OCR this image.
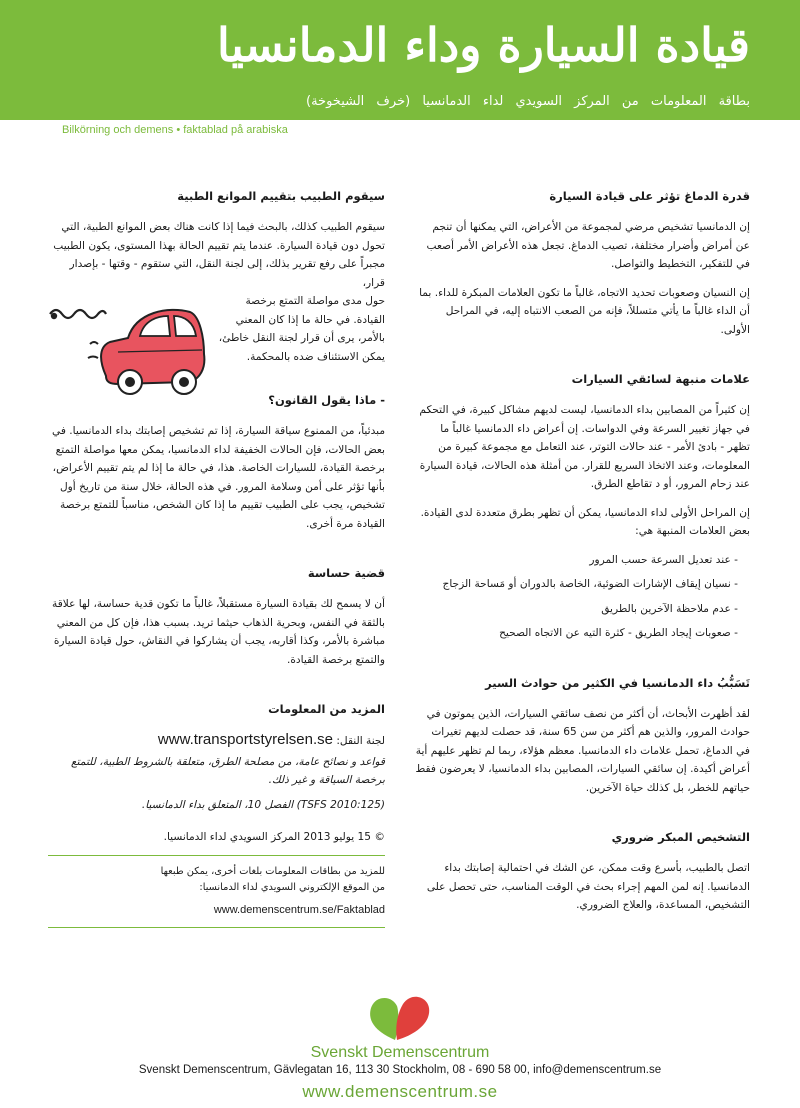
قيادة السيارة وداء الدمانسيا
بطاقة المعلومات من المركز السويدي لداء الدمانسيا (خرف الشيخوخة)
Bilkörning och demens • faktablad på arabiska
قدرة الدماغ تؤثر على قيادة السيارة

إن الدمانسيا تشخيص مرضي لمجموعة من الأعراض، التي يمكنها أن تنجم عن أمراض وأضرار مختلفة، تصيب الدماغ. تجعل هذه الأعراض الأمر أصعب في للتفكير، التخطيط والتواصل.

إن النسيان وصعوبات تحديد الاتجاه، غالباً ما تكون العلامات المبكرة للداء. بما أن الداء غالباً ما يأتي متسللاً، فإنه من الصعب الانتباه إليه، في المراحل الأولى.

علامات منبهة لسائقي السيارات

إن كثيراً من المصابين بداء الدمانسيا، ليست لديهم مشاكل كبيرة، في التحكم في جهاز تغيير السرعة وفي الدواسات. إن أعراض داء الدمانسيا غالباً ما تظهر - بادئ الأمر - عند حالات التوتر، عند التعامل مع مجموعة كبيرة من المعلومات، وعند الاتخاذ السريع للقرار. من أمثلة هذه الحالات، قيادة السيارة عند زحام المرور، أو د تقاطع الطرق.

إن المراحل الأولى لداء الدمانسيا، يمكن أن تظهر بطرق متعددة لدى القيادة. بعض العلامات المنبهة هي:

- عند تعديل السرعة حسب المرور
- نسيان إيقاف الإشارات الضوئية، الخاصة بالدوران أو مَساحة الزجاج
- عدم ملاحظة الآخرين بالطريق
- صعوبات إيجاد الطريق - كثرة التيه عن الاتجاه الصحيح
تَسَبُّبُ داء الدمانسيا في الكثير من حوادث السير

لقد أظهرت الأبحاث، أن أكثر من نصف سائقي السيارات، الذين يموتون في حوادث المرور، والذين هم أكثر من سن 65 سنة، قد حصلت لديهم تغيرات في الدماغ، تحمل علامات داء الدمانسيا. معظم هؤلاء، ربما لم تظهر عليهم أية أعراض أكيدة. إن سائقي السيارات، المصابين بداء الدمانسيا، لا يعرضون فقط حياتهم للخطر، بل كذلك حياة الآخرين.

التشخيص المبكر ضروري

اتصل بالطبيب، بأسرع وقت ممكن، عن الشك في احتمالية إصابتك بداء الدمانسيا. إنه لمن المهم إجراء بحث في الوقت المناسب، حتى تحصل على التشخيص، المساعدة، والعلاج الضروري.

سيقوم الطبيب بتقييم الموانع الطبية

سيقوم الطبيب كذلك، بالبحث فيما إذا كانت هناك بعض الموانع الطبية، التي تحول دون قيادة السيارة. عندما يتم تقييم الحالة بهذا المستوى، يكون الطبيب مجبراً على رفع تقرير بذلك، إلى لجنة النقل، التي ستقوم - وقتها - بإصدار قرار،

حول مدى مواصلة التمتع برخصة القيادة. في حالة ما إذا كان المعني بالأمر، يرى أن قرار لجنة النقل خاطئ، يمكن الاستئناف ضده بالمحكمة.

- ماذا يقول القانون؟

مبدئياً، من الممنوع سياقة السيارة، إذا تم تشخيص إصابتك بداء الدمانسيا. في بعض الحالات، فإن الحالات الخفيفة لداء الدمانسيا، يمكن معها مواصلة التمتع برخصة القيادة، للسيارات الخاصة. هذا، في حالة ما إذا لم يتم تقييم الأعراض، بأنها تؤثر على أمن وسلامة المرور. في هذه الحالة، خلال سنة من تاريخ أول تشخيص، يجب على الطبيب تقييم ما إذا كان الشخص، مناسباً للتمتع برخصة القيادة مرة أخرى.

قضية حساسة

أن لا يسمح لك بقيادة السيارة مستقبلاً، غالباً ما تكون قدية حساسة، لها علاقة بالثقة في النفس، وبحرية الذهاب حيثما تريد. بسبب هذا، فإن كل من المعني مباشرة بالأمر، وكذا أقاربه، يجب أن يشاركوا في النقاش، حول قيادة السيارة والتمتع برخصة القيادة.

المزيد من المعلومات

لجنة النقل: www.transportstyrelsen.se

قواعد و نصائح عامة، من مصلحة الطرق، متعلقة بالشروط الطبية، للتمتع برخصة السياقة و غير ذلك.

(TSFS 2010:125) الفصل 10، المتعلق بداء الدمانسيا.

© 15 يوليو 2013 المركز السويدي لداء الدمانسيا.

للمزيد من بطاقات المعلومات بلغات أخرى، يمكن طبعها
من الموقع الإلكتروني السويدي لداء الدمانسيا:
www.demenscentrum.se/Faktablad
Svenskt Demenscentrum
Svenskt Demenscentrum, Gävlegatan 16, 113 30 Stockholm, 08 - 690 58 00, info@demenscentrum.se
www.demenscentrum.se
